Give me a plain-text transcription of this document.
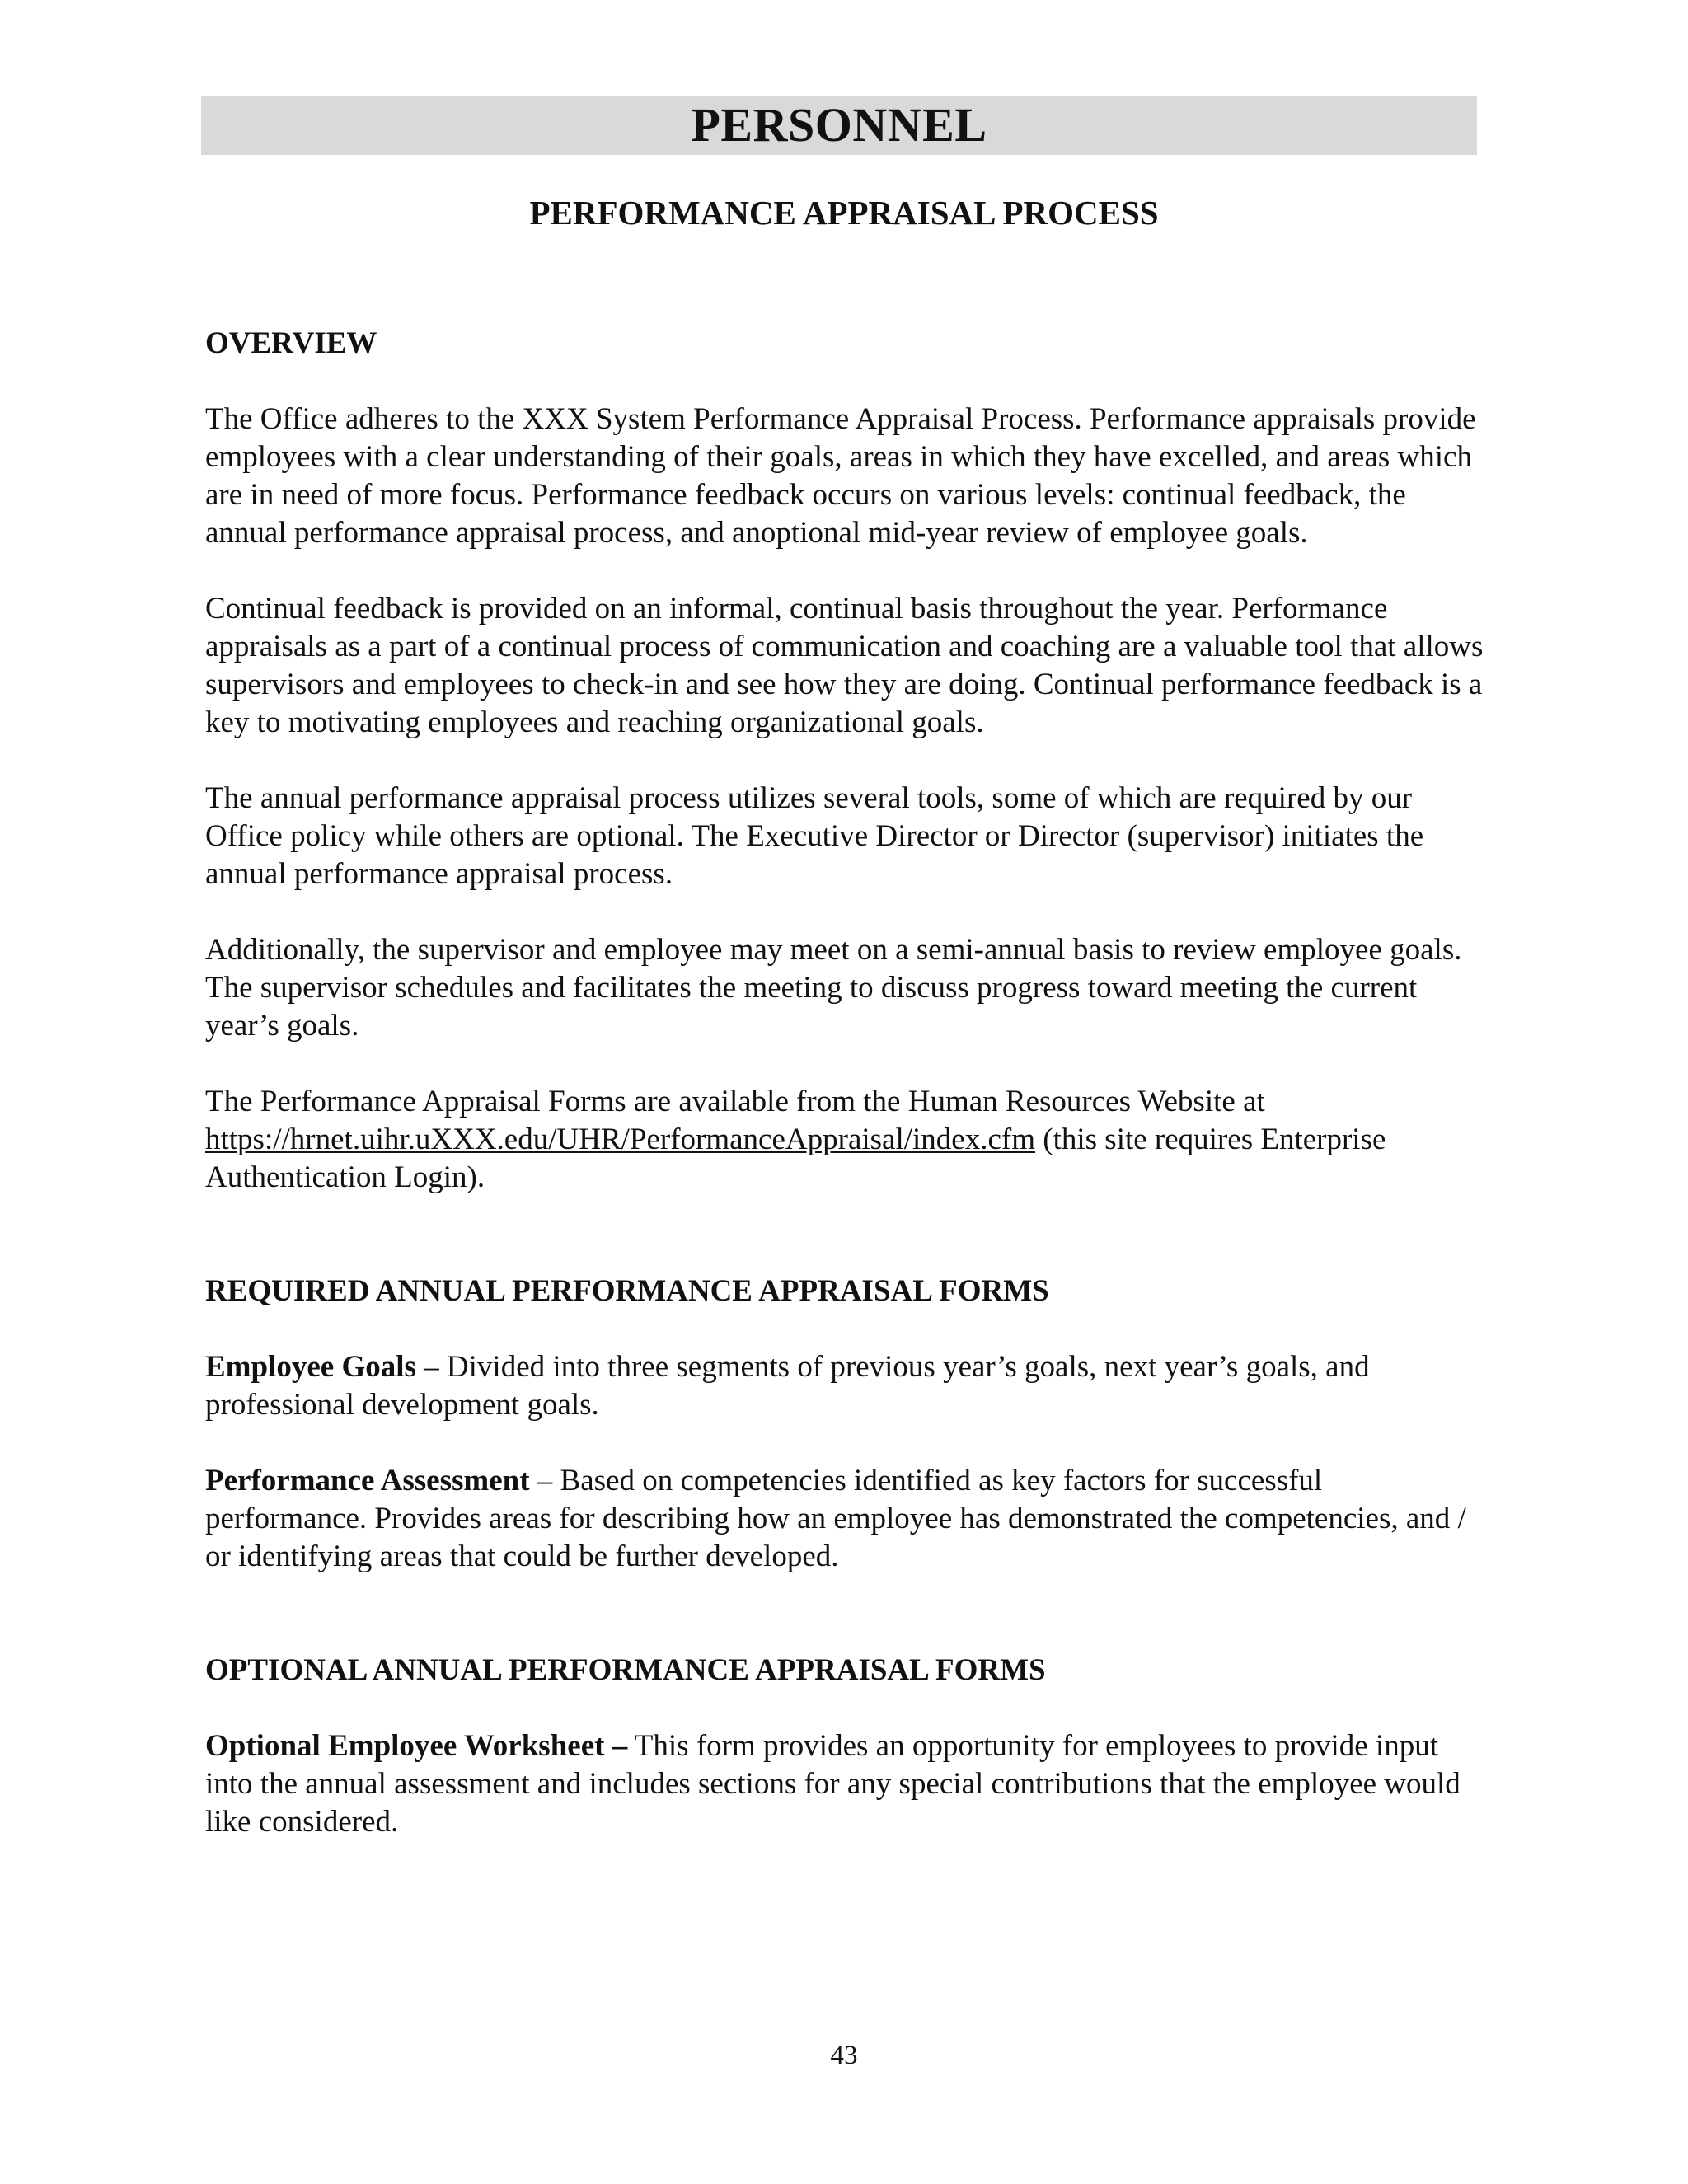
PERSONNEL
PERFORMANCE APPRAISAL PROCESS
OVERVIEW

The Office adheres to the XXX System Performance Appraisal Process. Performance appraisals provide employees with a clear understanding of their goals, areas in which they have excelled, and areas which are in need of more focus. Performance feedback occurs on various levels: continual feedback, the annual performance appraisal process, and anoptional mid-year review of employee goals.

Continual feedback is provided on an informal, continual basis throughout the year. Performance appraisals as a part of a continual process of communication and coaching are a valuable tool that allows supervisors and employees to check-in and see how they are doing. Continual performance feedback is a key to motivating employees and reaching organizational goals.

The annual performance appraisal process utilizes several tools, some of which are required by our Office policy while others are optional. The Executive Director or Director (supervisor) initiates the annual performance appraisal process.

Additionally, the supervisor and employee may meet on a semi-annual basis to review employee goals. The supervisor schedules and facilitates the meeting to discuss progress toward meeting the current year’s goals.

The Performance Appraisal Forms are available from the Human Resources Website at https://hrnet.uihr.uXXX.edu/UHR/PerformanceAppraisal/index.cfm (this site requires Enterprise Authentication Login).

REQUIRED ANNUAL PERFORMANCE APPRAISAL FORMS

Employee Goals – Divided into three segments of previous year’s goals, next year’s goals, and professional development goals.

Performance Assessment – Based on competencies identified as key factors for successful performance. Provides areas for describing how an employee has demonstrated the competencies, and / or identifying areas that could be further developed.

OPTIONAL ANNUAL PERFORMANCE APPRAISAL FORMS

Optional Employee Worksheet – This form provides an opportunity for employees to provide input into the annual assessment and includes sections for any special contributions that the employee would like considered.

43
